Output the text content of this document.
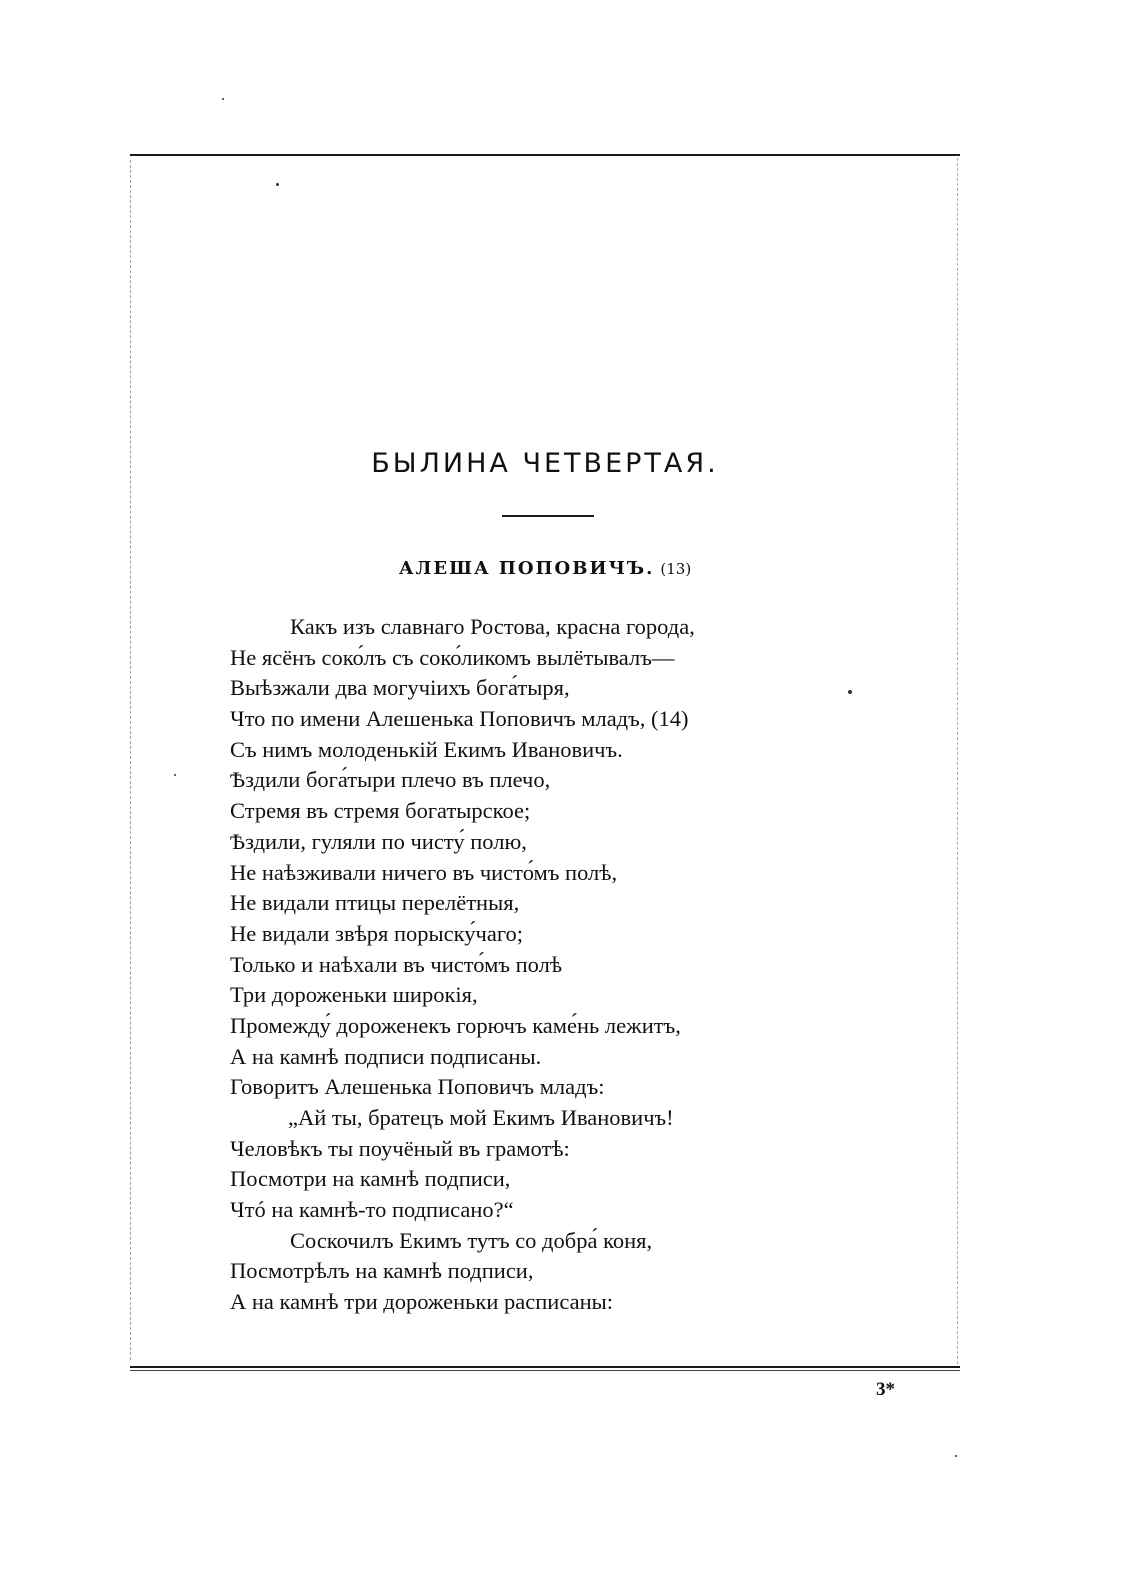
БЫЛИНА ЧЕТВЕРТАЯ.
АЛЕША ПОПОВИЧЪ. (13)
Какъ изъ славнаго Ростова, красна города,
Не ясёнъ соко́лъ съ соко́ликомъ вылётывалъ—
Выѣзжали два могучіихъ бога́тыря,
Что по имени Алешенька Поповичъ младъ, (14)
Съ нимъ молоденькій Екимъ Ивановичъ.
Ѣздили бога́тыри плечо въ плечо,
Стремя въ стремя богатырское;
Ѣздили, гуляли по чисту́ полю,
Не наѣзживали ничего въ чисто́мъ полѣ,
Не видали птицы перелётныя,
Не видали звѣря порыску́чаго;
Только и наѣхали въ чисто́мъ полѣ
Три дороженьки широкія,
Промежду́ дороженекъ горючъ каме́нь лежитъ,
А на камнѣ подписи подписаны.
Говоритъ Алешенька Поповичъ младъ:
„Ай ты, братецъ мой Екимъ Ивановичъ!
Человѣкъ ты поучёный въ грамотѣ:
Посмотри на камнѣ подписи,
Чтó на камнѣ-то подписано?“
Соскочилъ Екимъ тутъ со добра́ коня,
Посмотрѣлъ на камнѣ подписи,
А на камнѣ три дороженьки расписаны:
3*
